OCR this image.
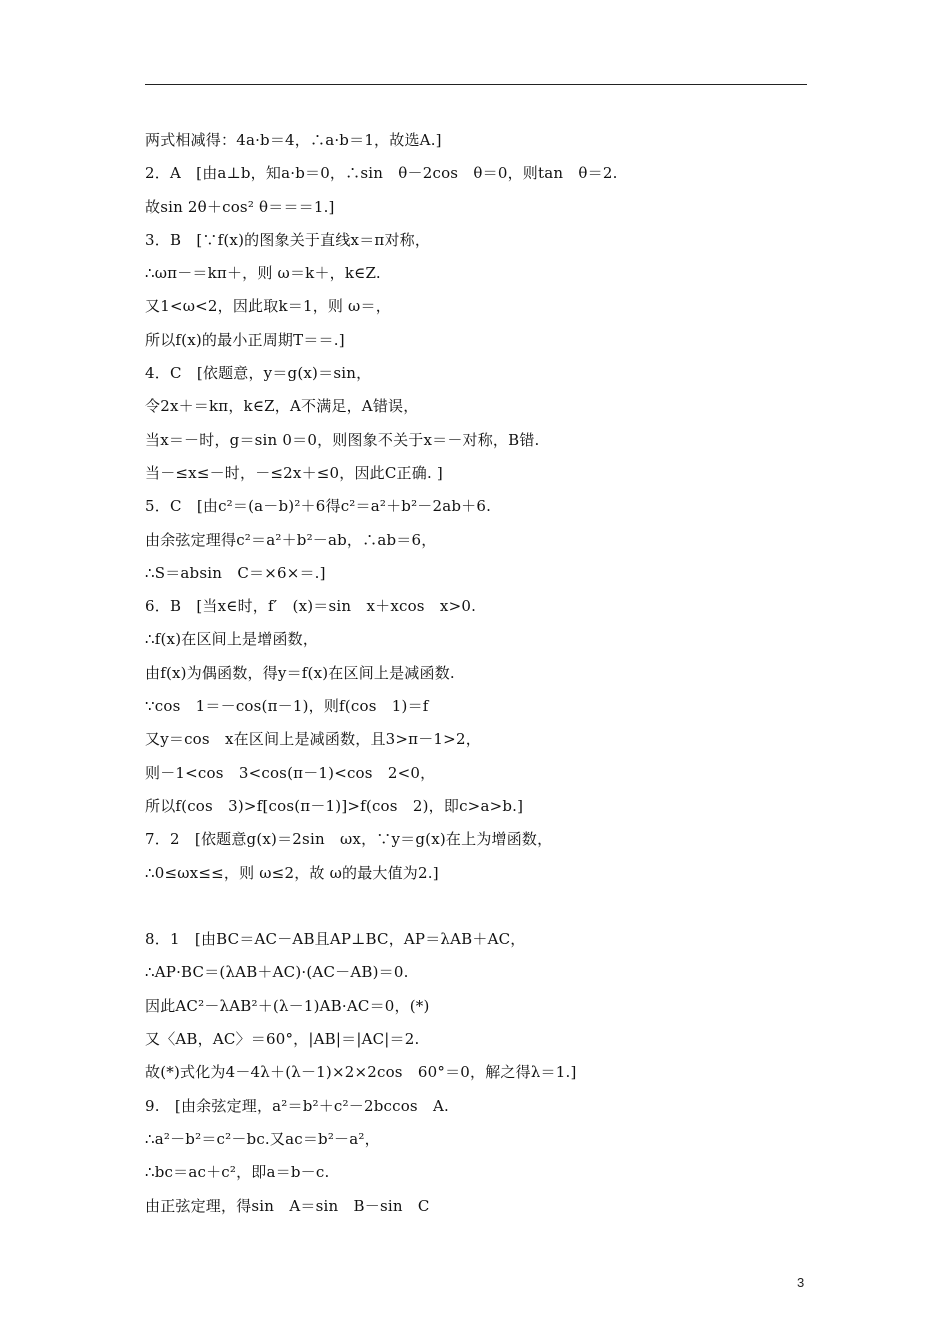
两式相减得：4a·b＝4，∴a·b＝1，故选A.]
2．A　[由a⊥b，知a·b＝0，∴sin　θ－2cos　θ＝0，则tan　θ＝2.
故sin 2θ＋cos² θ＝＝＝1.]
3．B　[∵f(x)的图象关于直线x＝π对称，
∴ωπ－＝kπ＋，则 ω＝k＋，k∈Z.
又1<ω<2，因此取k＝1，则 ω＝，
所以f(x)的最小正周期T＝＝.]
4．C　[依题意，y＝g(x)＝sin，
令2x＋＝kπ，k∈Z，A不满足，A错误，
当x＝－时，g＝sin 0＝0，则图象不关于x＝－对称，B错.
当－≤x≤－时，－≤2x＋≤0，因此C正确. ]
5．C　[由c²＝(a－b)²＋6得c²＝a²＋b²－2ab＋6.
由余弦定理得c²＝a²＋b²－ab，∴ab＝6，
∴S＝absin　C＝×6×＝.]
6．B　[当x∈时，f′　(x)＝sin　x＋xcos　x>0.
∴f(x)在区间上是增函数，
由f(x)为偶函数，得y＝f(x)在区间上是减函数.
∵cos　1＝－cos(π－1)，则f(cos　1)＝f
又y＝cos　x在区间上是减函数，且3>π－1>2，
则－1<cos　3<cos(π－1)<cos　2<0，
所以f(cos　3)>f[cos(π－1)]>f(cos　2)，即c>a>b.]
7．2　[依题意g(x)＝2sin　ωx，∵y＝g(x)在上为增函数，
∴0≤ωx≤≤，则 ω≤2，故 ω的最大值为2.]
8．1　[由BC＝AC－AB且AP⊥BC，AP＝λAB＋AC，
∴AP·BC＝(λAB＋AC)·(AC－AB)＝0.
因此AC²－λAB²＋(λ－1)AB·AC＝0，(*)
又〈AB，AC〉＝60°，|AB|＝|AC|＝2.
故(*)式化为4－4λ＋(λ－1)×2×2cos　60°＝0，解之得λ＝1.]
9.　[由余弦定理，a²＝b²＋c²－2bccos　A.
∴a²－b²＝c²－bc.又ac＝b²－a²，
∴bc＝ac＋c²，即a＝b－c.
由正弦定理，得sin　A＝sin　B－sin　C
3
